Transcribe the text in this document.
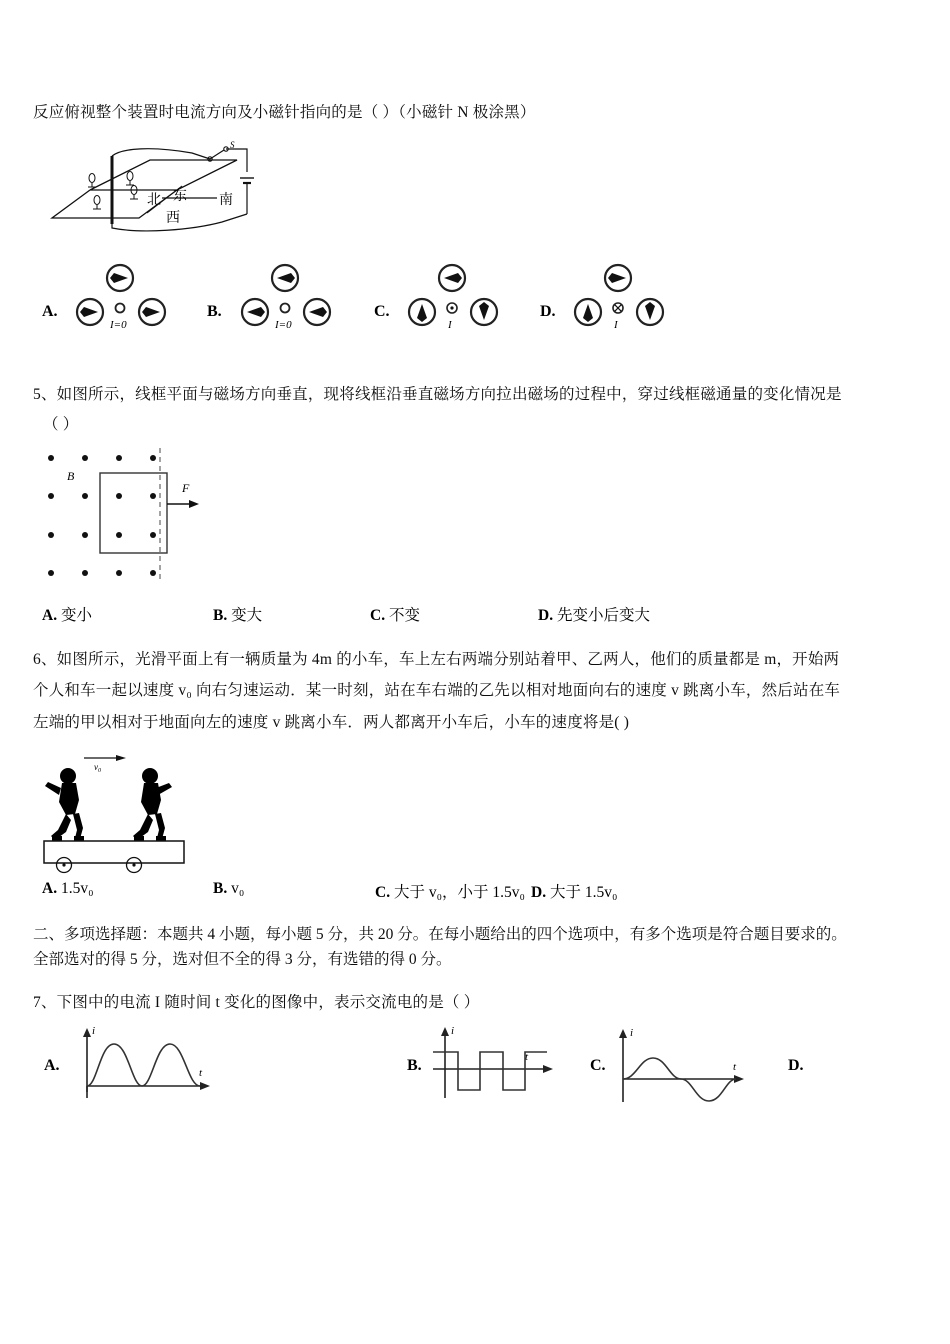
反应俯视整个装置时电流方向及小磁针指向的是（ ）（小磁针 N 极涂黑）
S
东 南
西
北
A.
I=0
B.
I=0
C.
I
D.
I
5、如图所示，线框平面与磁场方向垂直，现将线框沿垂直磁场方向拉出磁场的过程中，穿过线框磁通量的变化情况是
（ ）
B
F
A. 变小	B. 变大	C. 不变	D. 先变小后变大
6、如图所示，光滑平面上有一辆质量为 4m 的小车，车上左右两端分别站着甲、乙两人，他们的质量都是 m，开始两
个人和车一起以速度 v₀ 向右匀速运动．某一时刻，站在车右端的乙先以相对地面向右的速度 v 跳离小车，然后站在车
左端的甲以相对于地面向左的速度 v 跳离小车．两人都离开小车后，小车的速度将是( )
$v_0$
A. 1.5v₀	B. v₀	C. 大于 v₀，小于 1.5v₀ D. 大于 1.5v₀
二、多项选择题：本题共 4 小题，每小题 5 分，共 20 分。在每小题给出的四个选项中，有多个选项是符合题目要求的。
全部选对的得 5 分，选对但不全的得 3 分，有选错的得 0 分。
7、下图中的电流 I 随时间 t 变化的图像中，表示交流电的是（ ）
A.
i
t	B.
i
t	C.
i
t	D.
